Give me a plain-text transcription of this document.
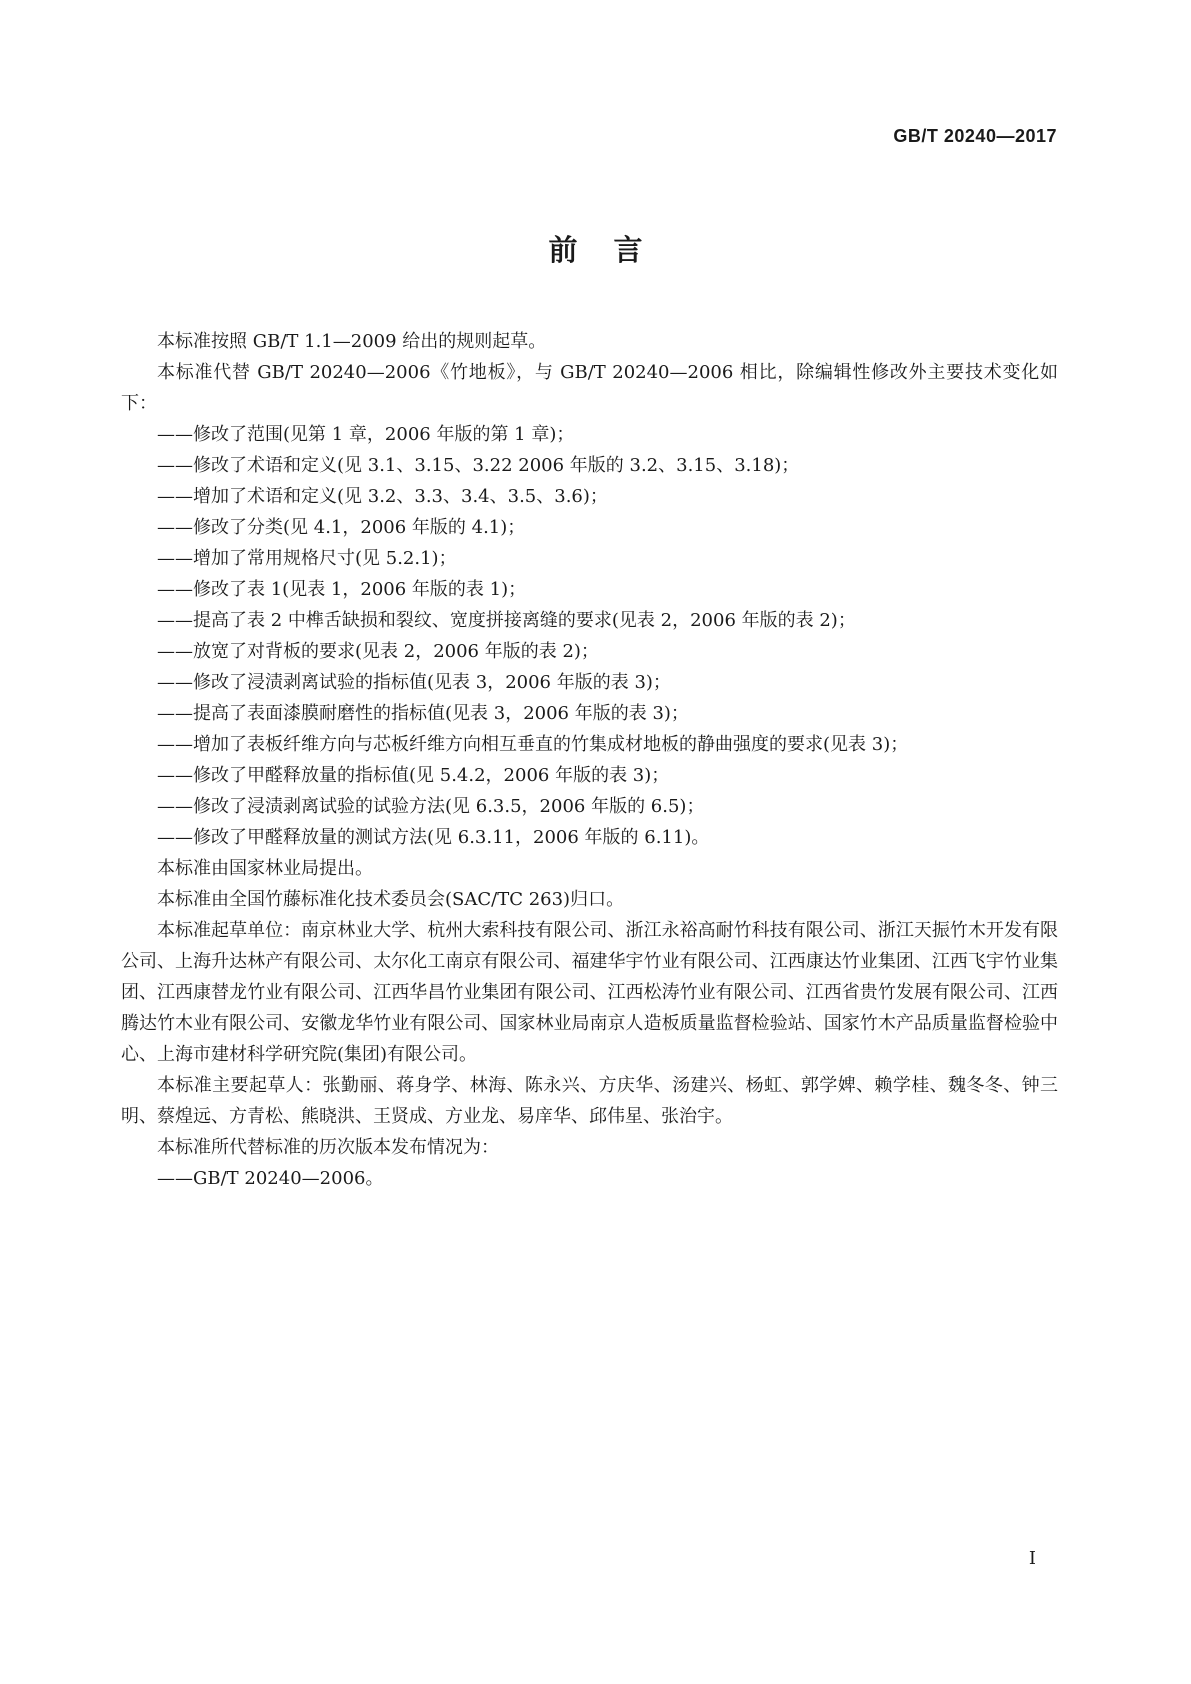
GB/T 20240—2017
前言

本标准按照 GB/T 1.1—2009 给出的规则起草。

本标准代替 GB/T 20240—2006《竹地板》，与 GB/T 20240—2006 相比，除编辑性修改外主要技术变化如下：

——修改了范围(见第 1 章，2006 年版的第 1 章)；

——修改了术语和定义(见 3.1、3.15、3.22 2006 年版的 3.2、3.15、3.18)；

——增加了术语和定义(见 3.2、3.3、3.4、3.5、3.6)；

——修改了分类(见 4.1，2006 年版的 4.1)；

——增加了常用规格尺寸(见 5.2.1)；

——修改了表 1(见表 1，2006 年版的表 1)；

——提高了表 2 中榫舌缺损和裂纹、宽度拼接离缝的要求(见表 2，2006 年版的表 2)；

——放宽了对背板的要求(见表 2，2006 年版的表 2)；

——修改了浸渍剥离试验的指标值(见表 3，2006 年版的表 3)；

——提高了表面漆膜耐磨性的指标值(见表 3，2006 年版的表 3)；

——增加了表板纤维方向与芯板纤维方向相互垂直的竹集成材地板的静曲强度的要求(见表 3)；

——修改了甲醛释放量的指标值(见 5.4.2，2006 年版的表 3)；

——修改了浸渍剥离试验的试验方法(见 6.3.5，2006 年版的 6.5)；

——修改了甲醛释放量的测试方法(见 6.3.11，2006 年版的 6.11)。

本标准由国家林业局提出。

本标准由全国竹藤标准化技术委员会(SAC/TC 263)归口。

本标准起草单位：南京林业大学、杭州大索科技有限公司、浙江永裕高耐竹科技有限公司、浙江天振竹木开发有限公司、上海升达林产有限公司、太尔化工南京有限公司、福建华宇竹业有限公司、江西康达竹业集团、江西飞宇竹业集团、江西康替龙竹业有限公司、江西华昌竹业集团有限公司、江西松涛竹业有限公司、江西省贵竹发展有限公司、江西腾达竹木业有限公司、安徽龙华竹业有限公司、国家林业局南京人造板质量监督检验站、国家竹木产品质量监督检验中心、上海市建材科学研究院(集团)有限公司。

本标准主要起草人：张勤丽、蒋身学、林海、陈永兴、方庆华、汤建兴、杨虹、郭学婢、赖学桂、魏冬冬、钟三明、蔡煌远、方青松、熊晓洪、王贤成、方业龙、易庠华、邱伟星、张治宇。

本标准所代替标准的历次版本发布情况为：

——GB/T 20240—2006。

I
